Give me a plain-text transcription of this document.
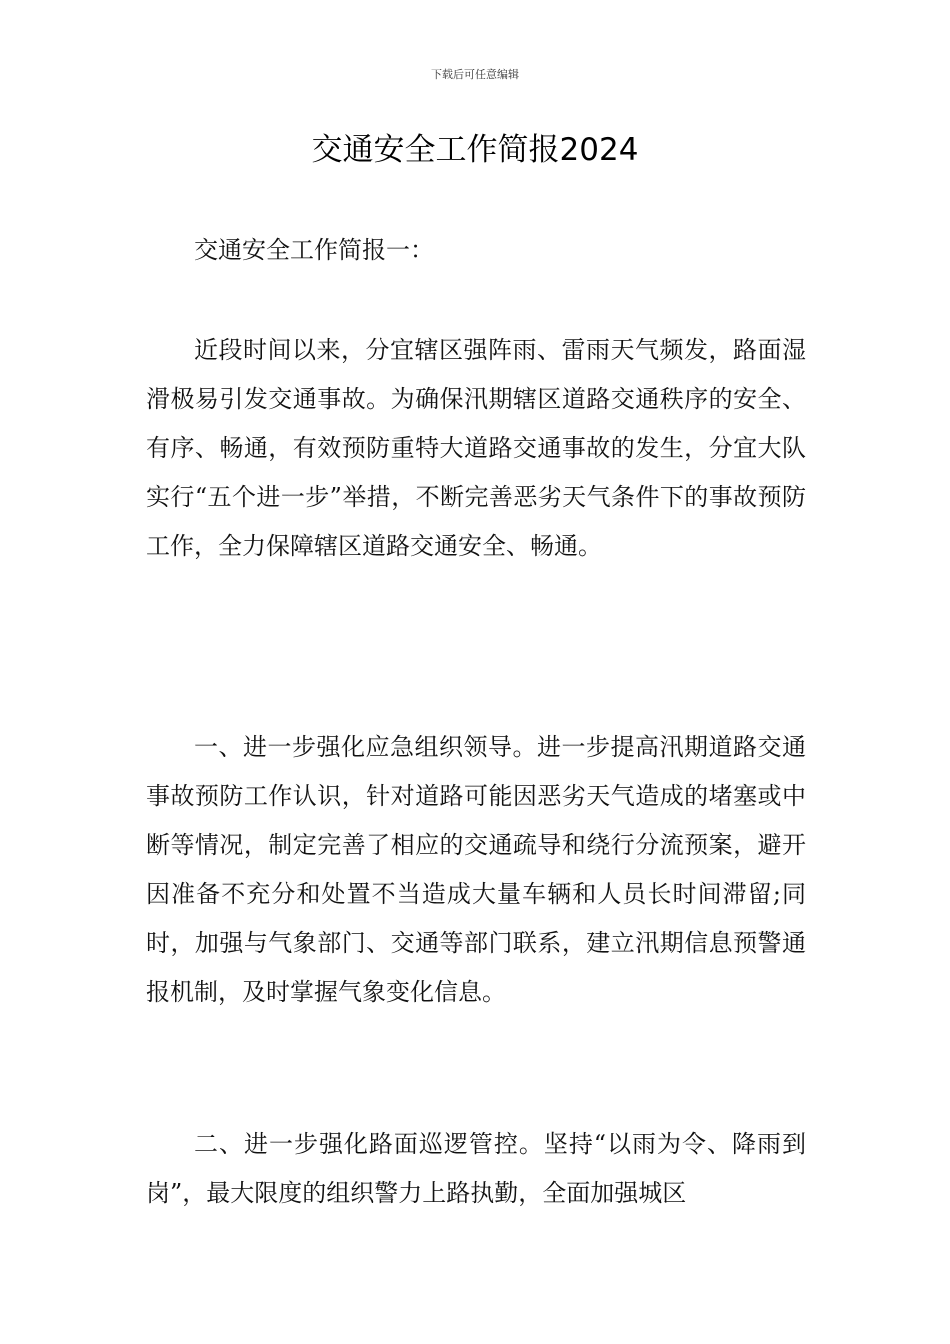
下载后可任意编辑
交通安全工作简报2024

交通安全工作简报一：

近段时间以来，分宜辖区强阵雨、雷雨天气频发，路面湿滑极易引发交通事故。为确保汛期辖区道路交通秩序的安全、有序、畅通，有效预防重特大道路交通事故的发生，分宜大队实行“五个进一步”举措，不断完善恶劣天气条件下的事故预防工作，全力保障辖区道路交通安全、畅通。

一、进一步强化应急组织领导。进一步提高汛期道路交通事故预防工作认识，针对道路可能因恶劣天气造成的堵塞或中断等情况，制定完善了相应的交通疏导和绕行分流预案，避开因准备不充分和处置不当造成大量车辆和人员长时间滞留;同时，加强与气象部门、交通等部门联系，建立汛期信息预警通报机制，及时掌握气象变化信息。

二、进一步强化路面巡逻管控。坚持“以雨为令、降雨到岗”，最大限度的组织警力上路执勤，全面加强城区
